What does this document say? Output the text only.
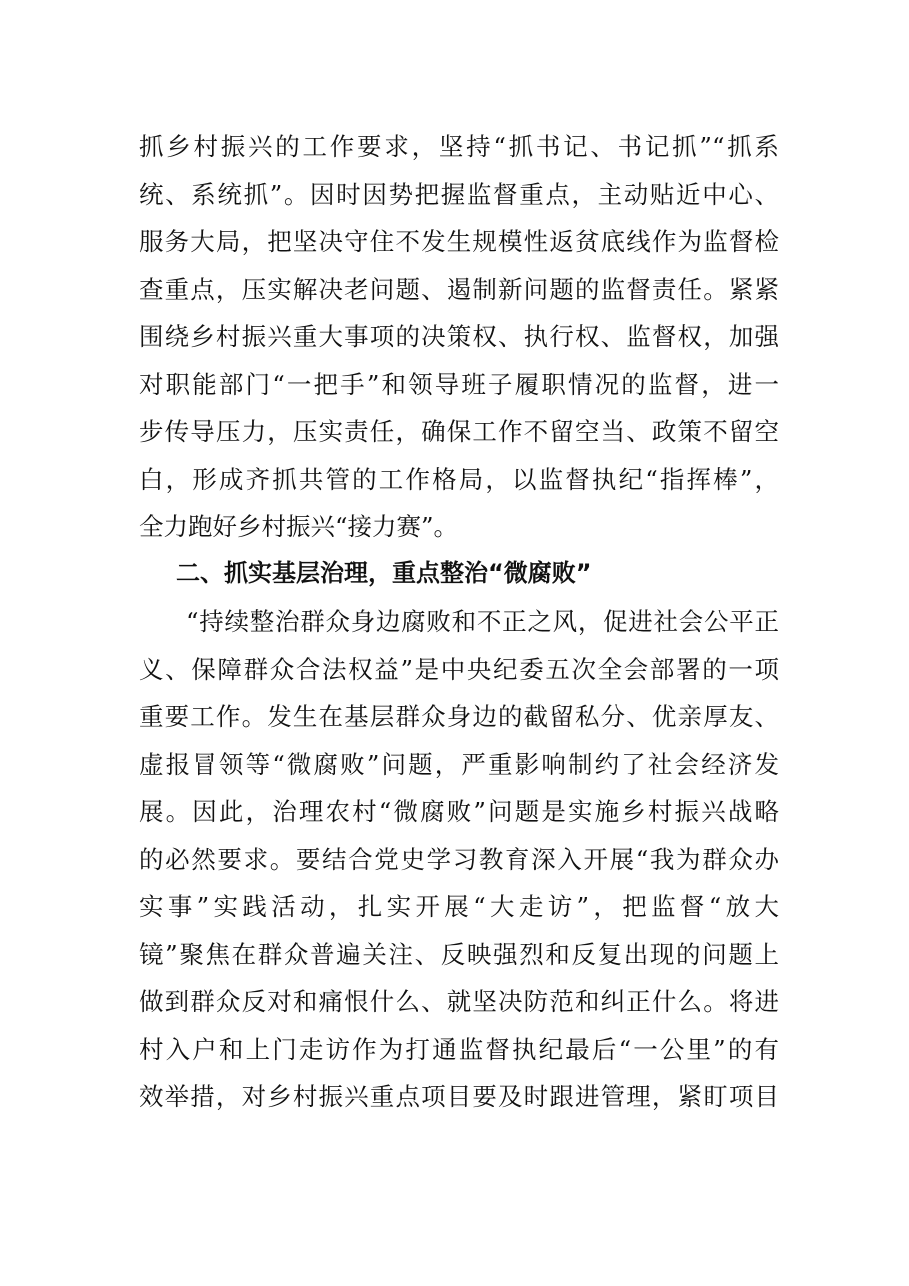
抓乡村振兴的工作要求，坚持“抓书记、书记抓”“抓系
统、系统抓”。因时因势把握监督重点，主动贴近中心、
服务大局，把坚决守住不发生规模性返贫底线作为监督检
查重点，压实解决老问题、遏制新问题的监督责任。紧紧
围绕乡村振兴重大事项的决策权、执行权、监督权，加强
对职能部门“一把手”和领导班子履职情况的监督，进一
步传导压力，压实责任，确保工作不留空当、政策不留空
白，形成齐抓共管的工作格局，以监督执纪“指挥棒”，
全力跑好乡村振兴“接力赛”。
二、抓实基层治理，重点整治“微腐败”
“持续整治群众身边腐败和不正之风，促进社会公平正
义、保障群众合法权益”是中央纪委五次全会部署的一项
重要工作。发生在基层群众身边的截留私分、优亲厚友、
虚报冒领等“微腐败”问题，严重影响制约了社会经济发
展。因此，治理农村“微腐败”问题是实施乡村振兴战略
的必然要求。要结合党史学习教育深入开展“我为群众办
实事”实践活动，扎实开展“大走访”，把监督“放大
镜”聚焦在群众普遍关注、反映强烈和反复出现的问题上
做到群众反对和痛恨什么、就坚决防范和纠正什么。将进
村入户和上门走访作为打通监督执纪最后“一公里”的有
效举措，对乡村振兴重点项目要及时跟进管理，紧盯项目
